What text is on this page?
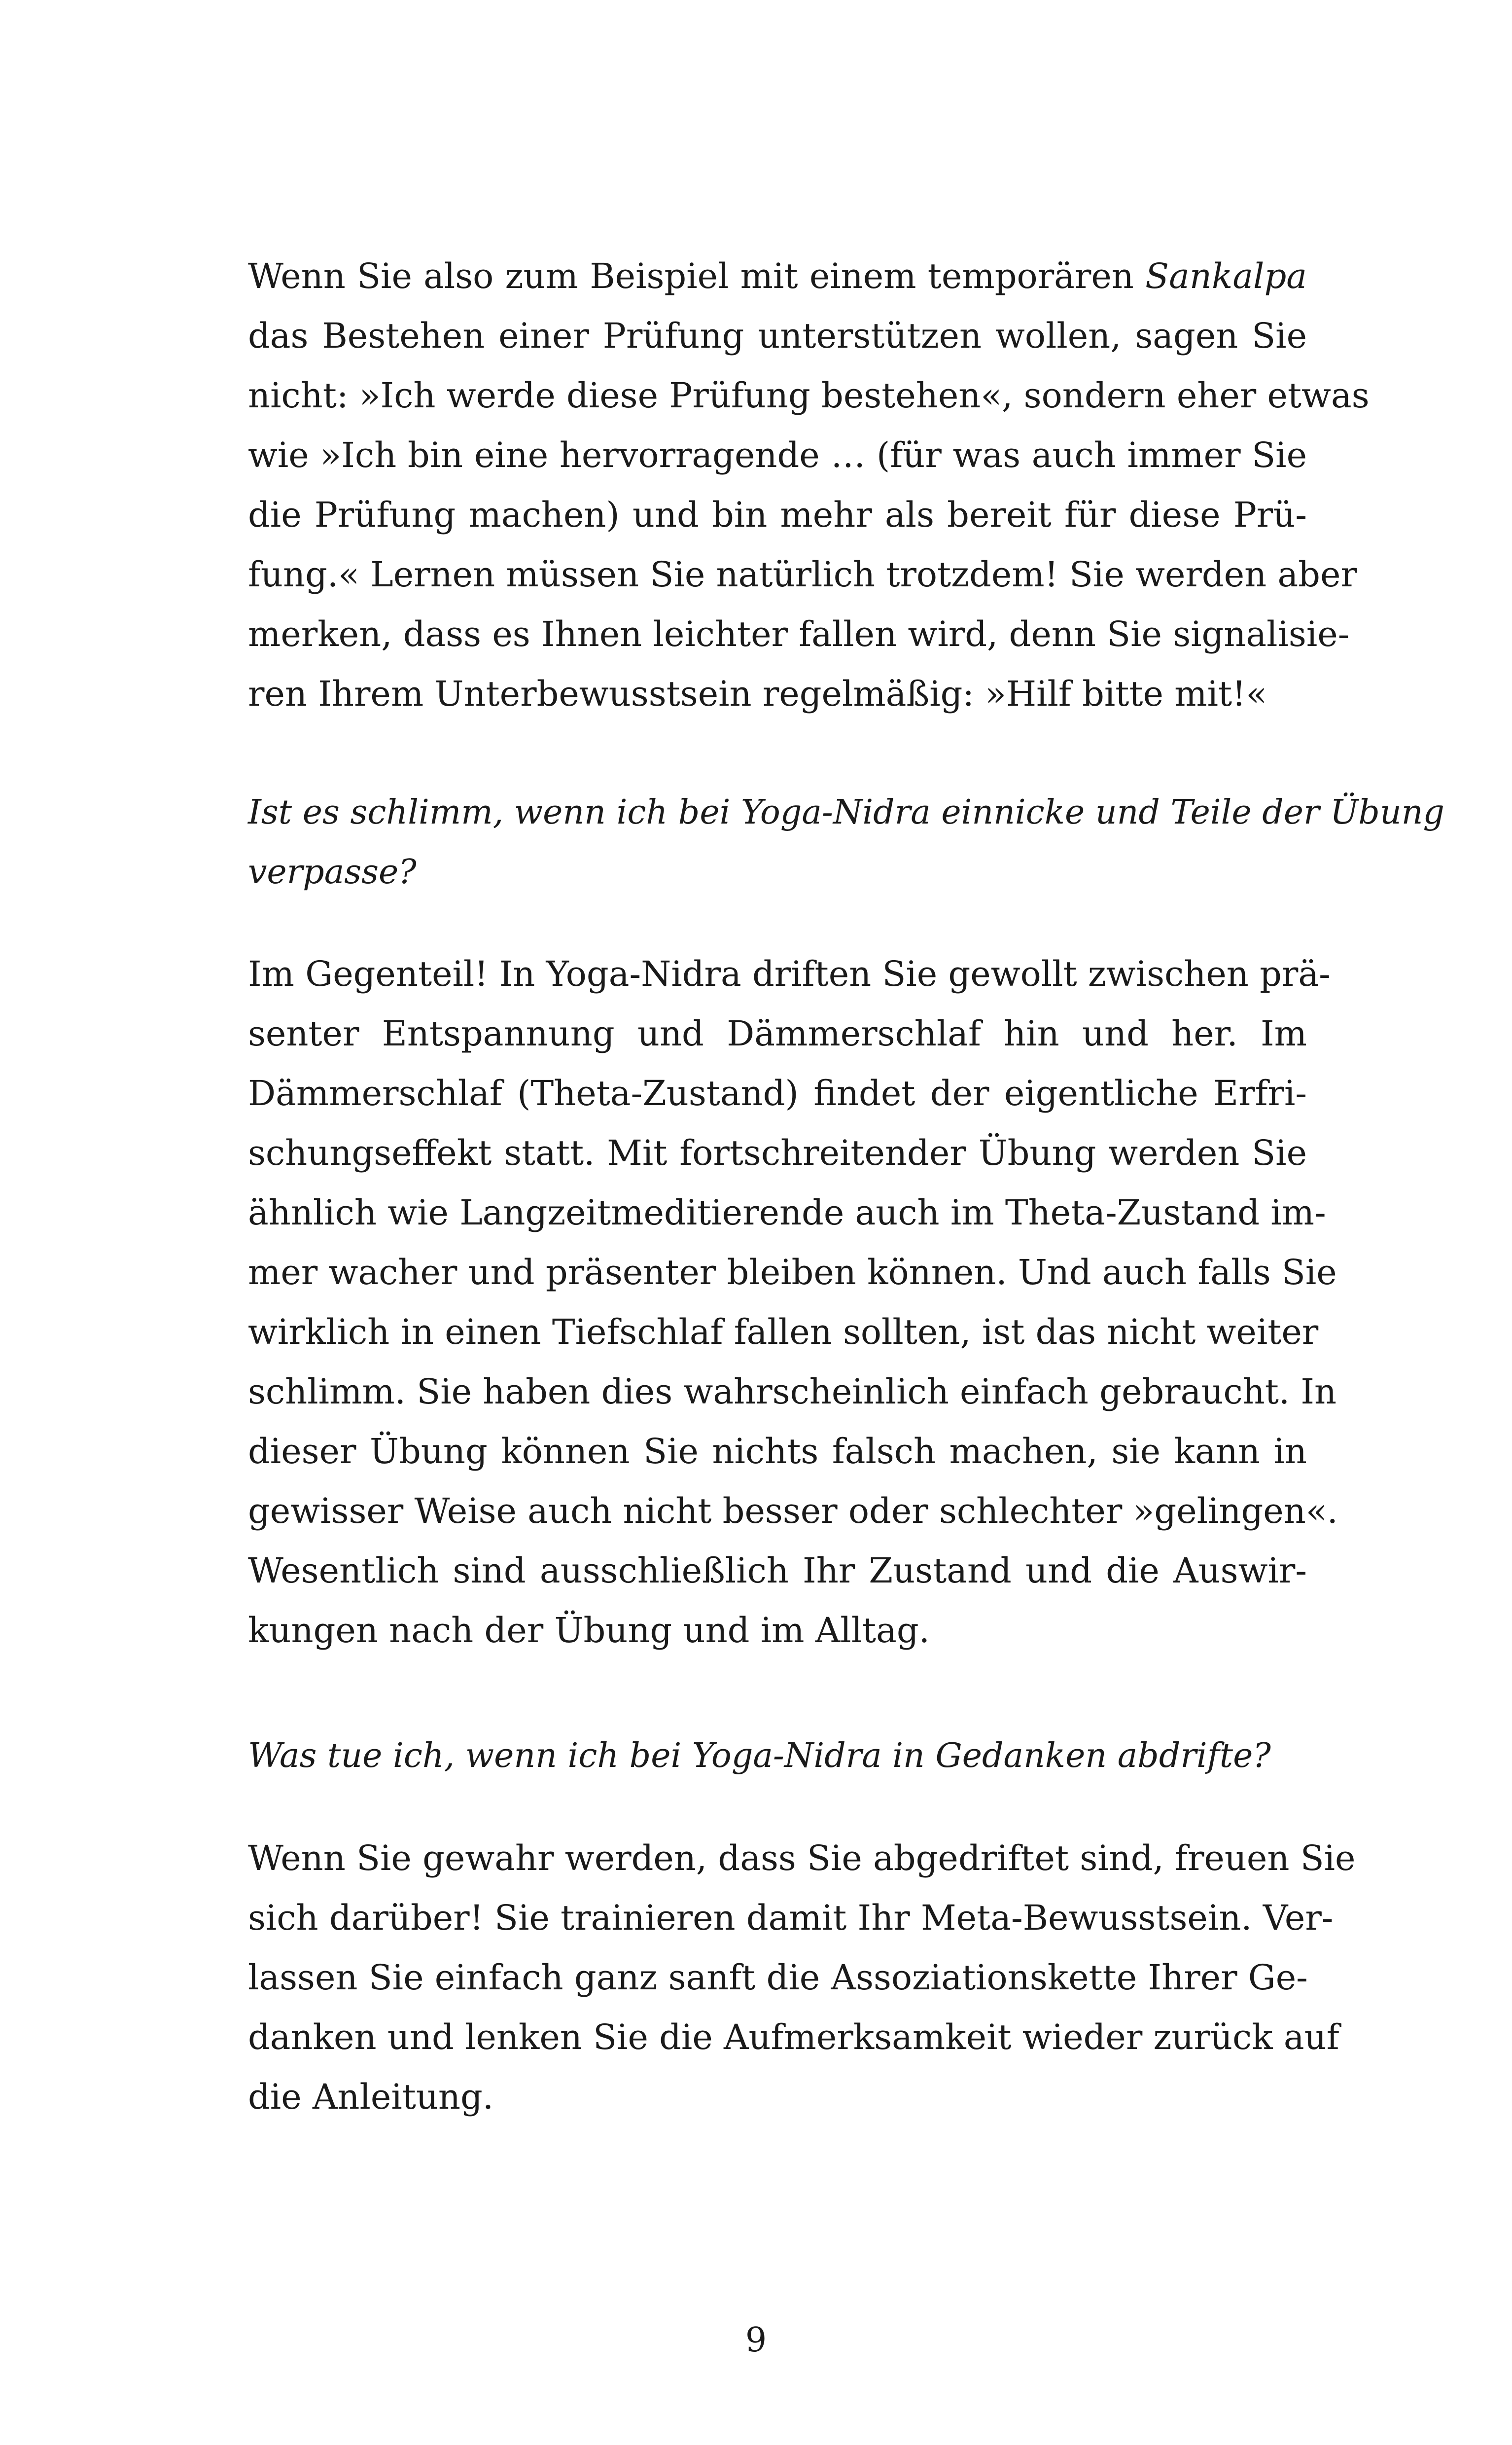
Wenn Sie also zum Beispiel mit einem temporären Sankalpa
das Bestehen einer Prüfung unterstützen wollen, sagen Sie
nicht: »Ich werde diese Prüfung bestehen«, sondern eher etwas
wie »Ich bin eine hervorragende … (für was auch immer Sie
die Prüfung machen) und bin mehr als bereit für diese Prü-
fung.« Lernen müssen Sie natürlich trotzdem! Sie werden aber
merken, dass es Ihnen leichter fallen wird, denn Sie signalisie-
ren Ihrem Unterbewusstsein regelmäßig: »Hilf bitte mit!«
Ist es schlimm, wenn ich bei Yoga-Nidra einnicke und Teile der Übung
verpasse?
Im Gegenteil! In Yoga-Nidra driften Sie gewollt zwischen prä-
senter Entspannung und Dämmerschlaf hin und her. Im
Dämmerschlaf (Theta-Zustand) findet der eigentliche Erfri-
schungseffekt statt. Mit fortschreitender Übung werden Sie
ähnlich wie Langzeitmeditierende auch im Theta-Zustand im-
mer wacher und präsenter bleiben können. Und auch falls Sie
wirklich in einen Tiefschlaf fallen sollten, ist das nicht weiter
schlimm. Sie haben dies wahrscheinlich einfach gebraucht. In
dieser Übung können Sie nichts falsch machen, sie kann in
gewisser Weise auch nicht besser oder schlechter »gelingen«.
Wesentlich sind ausschließlich Ihr Zustand und die Auswir-
kungen nach der Übung und im Alltag.
Was tue ich, wenn ich bei Yoga-Nidra in Gedanken abdrifte?
Wenn Sie gewahr werden, dass Sie abgedriftet sind, freuen Sie
sich darüber! Sie trainieren damit Ihr Meta-Bewusstsein. Ver-
lassen Sie einfach ganz sanft die Assoziationskette Ihrer Ge-
danken und lenken Sie die Aufmerksamkeit wieder zurück auf
die Anleitung.
9
